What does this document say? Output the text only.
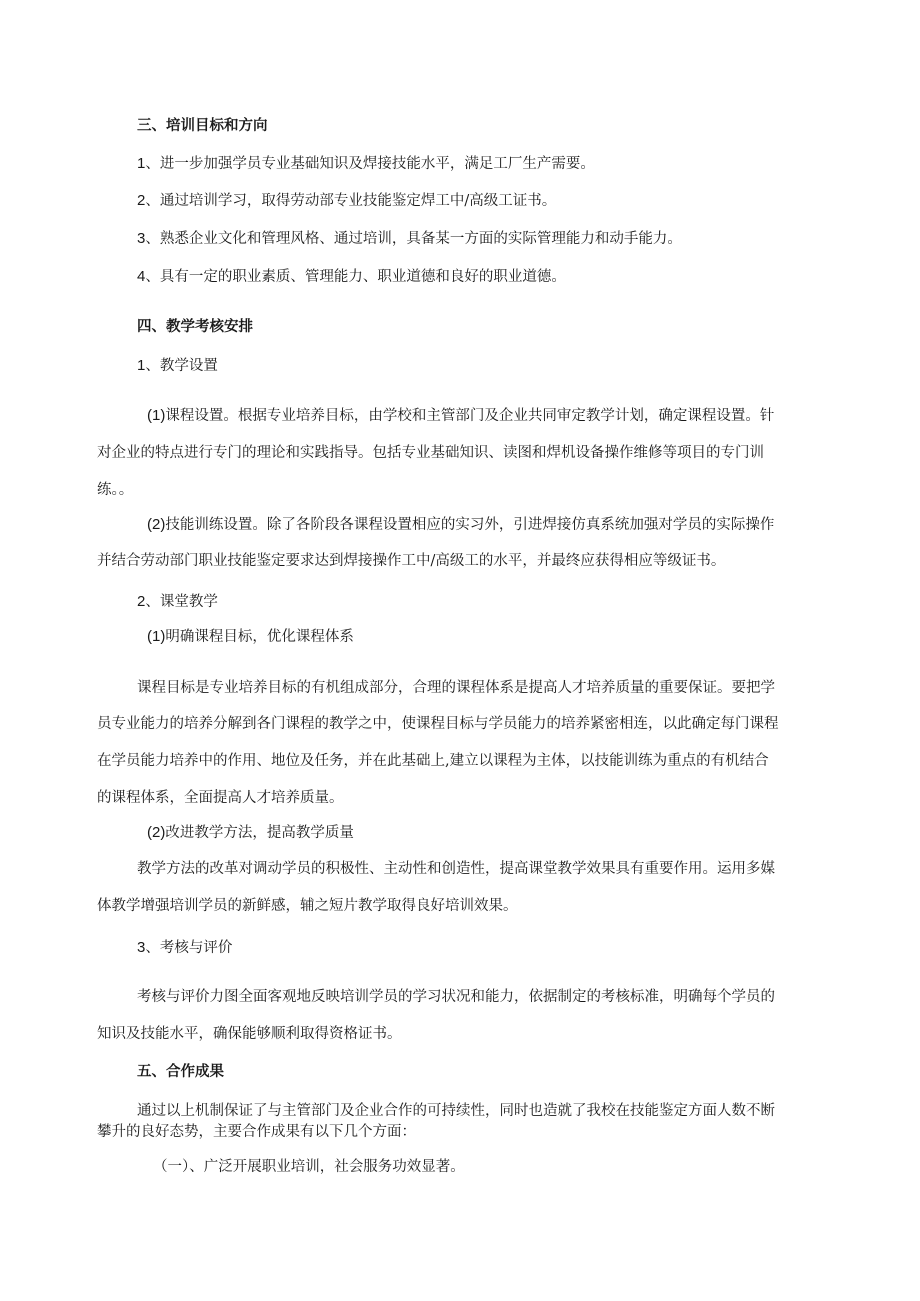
三、培训目标和方向
1、进一步加强学员专业基础知识及焊接技能水平，满足工厂生产需要。
2、通过培训学习，取得劳动部专业技能鉴定焊工中/高级工证书。
3、熟悉企业文化和管理风格、通过培训，具备某一方面的实际管理能力和动手能力。
4、具有一定的职业素质、管理能力、职业道德和良好的职业道德。
四、教学考核安排
1、教学设置
(1)课程设置。根据专业培养目标，由学校和主管部门及企业共同审定教学计划，确定课程设置。针
对企业的特点进行专门的理论和实践指导。包括专业基础知识、读图和焊机设备操作维修等项目的专门训
练。。
(2)技能训练设置。除了各阶段各课程设置相应的实习外，引进焊接仿真系统加强对学员的实际操作
并结合劳动部门职业技能鉴定要求达到焊接操作工中/高级工的水平，并最终应获得相应等级证书。
2、课堂教学
(1)明确课程目标，优化课程体系
课程目标是专业培养目标的有机组成部分，合理的课程体系是提高人才培养质量的重要保证。要把学
员专业能力的培养分解到各门课程的教学之中，使课程目标与学员能力的培养紧密相连，以此确定每门课程
在学员能力培养中的作用、地位及任务，并在此基础上,建立以课程为主体，以技能训练为重点的有机结合
的课程体系，全面提高人才培养质量。
(2)改进教学方法，提高教学质量
教学方法的改革对调动学员的积极性、主动性和创造性，提高课堂教学效果具有重要作用。运用多媒
体教学增强培训学员的新鲜感，辅之短片教学取得良好培训效果。
3、考核与评价
考核与评价力图全面客观地反映培训学员的学习状况和能力，依据制定的考核标准，明确每个学员的
知识及技能水平，确保能够顺利取得资格证书。
五、合作成果
通过以上机制保证了与主管部门及企业合作的可持续性，同时也造就了我校在技能鉴定方面人数不断
攀升的良好态势，主要合作成果有以下几个方面：
（一）、广泛开展职业培训，社会服务功效显著。
